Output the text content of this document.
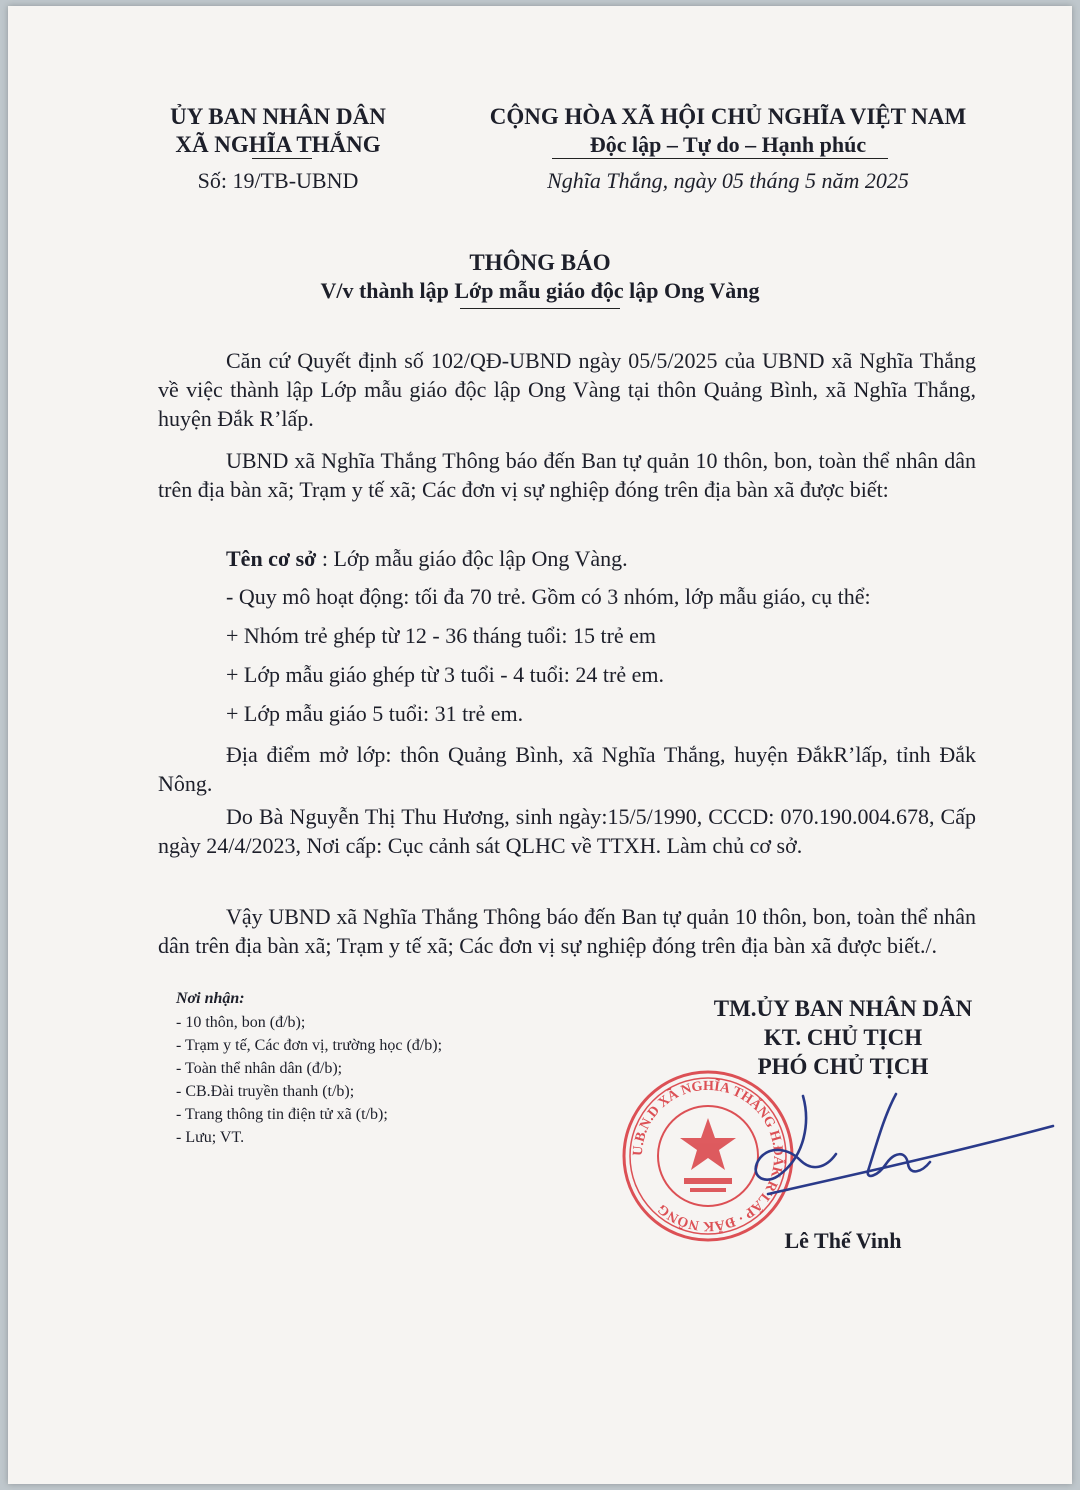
ỦY BAN NHÂN DÂN
XÃ NGHĨA THẮNG
Số: 19/TB-UBND
CỘNG HÒA XÃ HỘI CHỦ NGHĨA VIỆT NAM
Độc lập – Tự do – Hạnh phúc
Nghĩa Thắng, ngày 05 tháng 5 năm 2025
THÔNG BÁO
V/v thành lập Lớp mẫu giáo độc lập Ong Vàng
Căn cứ Quyết định số 102/QĐ-UBND ngày 05/5/2025 của UBND xã Nghĩa Thắng về việc thành lập Lớp mẫu giáo độc lập Ong Vàng tại thôn Quảng Bình, xã Nghĩa Thắng, huyện Đắk R’lấp.
UBND xã Nghĩa Thắng Thông báo đến Ban tự quản 10 thôn, bon, toàn thể nhân dân trên địa bàn xã; Trạm y tế xã; Các đơn vị sự nghiệp đóng trên địa bàn xã được biết:
Tên cơ sở : Lớp mẫu giáo độc lập Ong Vàng.
- Quy mô hoạt động: tối đa 70 trẻ. Gồm có 3 nhóm, lớp mẫu giáo, cụ thể:
+ Nhóm trẻ ghép từ 12 - 36 tháng tuổi: 15 trẻ em
+ Lớp mẫu giáo ghép từ 3 tuổi - 4 tuổi: 24 trẻ em.
+ Lớp mẫu giáo 5 tuổi: 31 trẻ em.
Địa điểm mở lớp: thôn Quảng Bình, xã Nghĩa Thắng, huyện ĐắkR’lấp, tỉnh Đắk Nông.
Do Bà Nguyễn Thị Thu Hương, sinh ngày:15/5/1990, CCCD: 070.190.004.678, Cấp ngày 24/4/2023, Nơi cấp: Cục cảnh sát QLHC về TTXH. Làm chủ cơ sở.
Vậy UBND xã Nghĩa Thắng Thông báo đến Ban tự quản 10 thôn, bon, toàn thể nhân dân trên địa bàn xã; Trạm y tế xã; Các đơn vị sự nghiệp đóng trên địa bàn xã được biết./.
Nơi nhận:
- 10 thôn, bon (đ/b);
- Trạm y tế, Các đơn vị, trường học (đ/b);
- Toàn thể nhân dân (đ/b);
- CB.Đài truyền thanh (t/b);
- Trang thông tin điện tử xã (t/b);
- Lưu; VT.
TM.ỦY BAN NHÂN DÂN
KT. CHỦ TỊCH
PHÓ CHỦ TỊCH
U.B.N.D XÃ NGHĨA THẮNG H.ĐẮK R'LẤP · ĐẮK NÔNG
Lê Thế Vinh
